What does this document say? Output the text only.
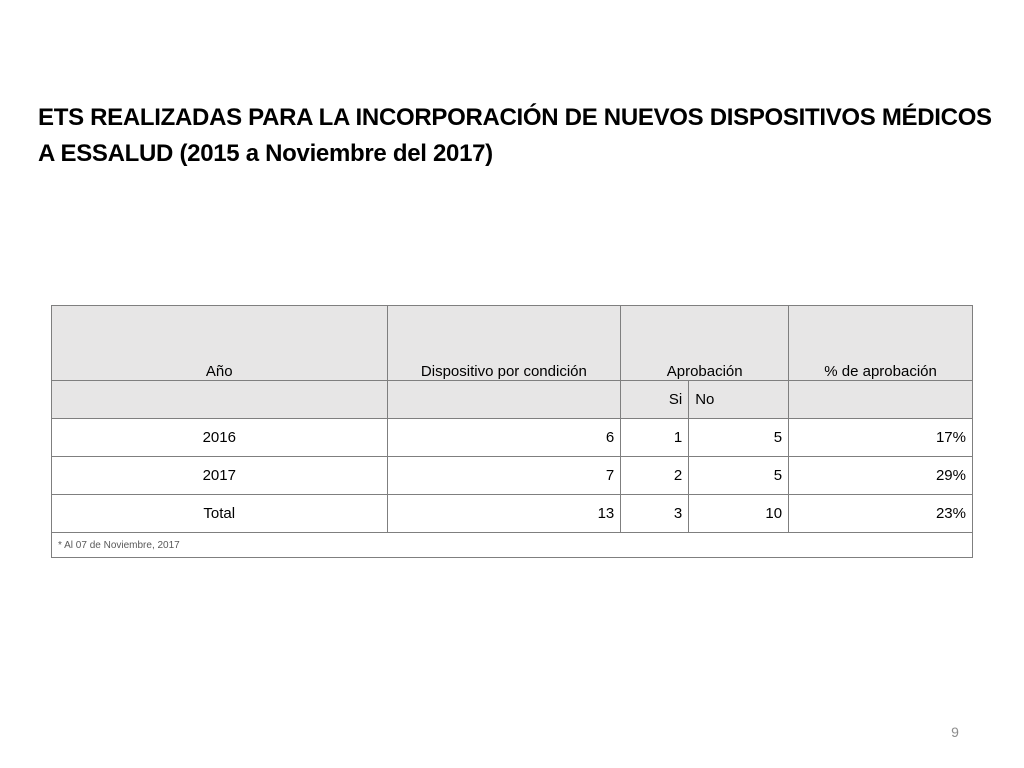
ETS REALIZADAS PARA LA INCORPORACIÓN DE NUEVOS DISPOSITIVOS MÉDICOS
A ESSALUD (2015 a Noviembre del 2017)
Año	Dispositivo por condición	Aprobación		% de aprobación
		Si	No	
2016	6	1	5	17%
2017	7	2	5	29%
Total	13	3	10	23%
* Al 07 de Noviembre, 2017				
9
